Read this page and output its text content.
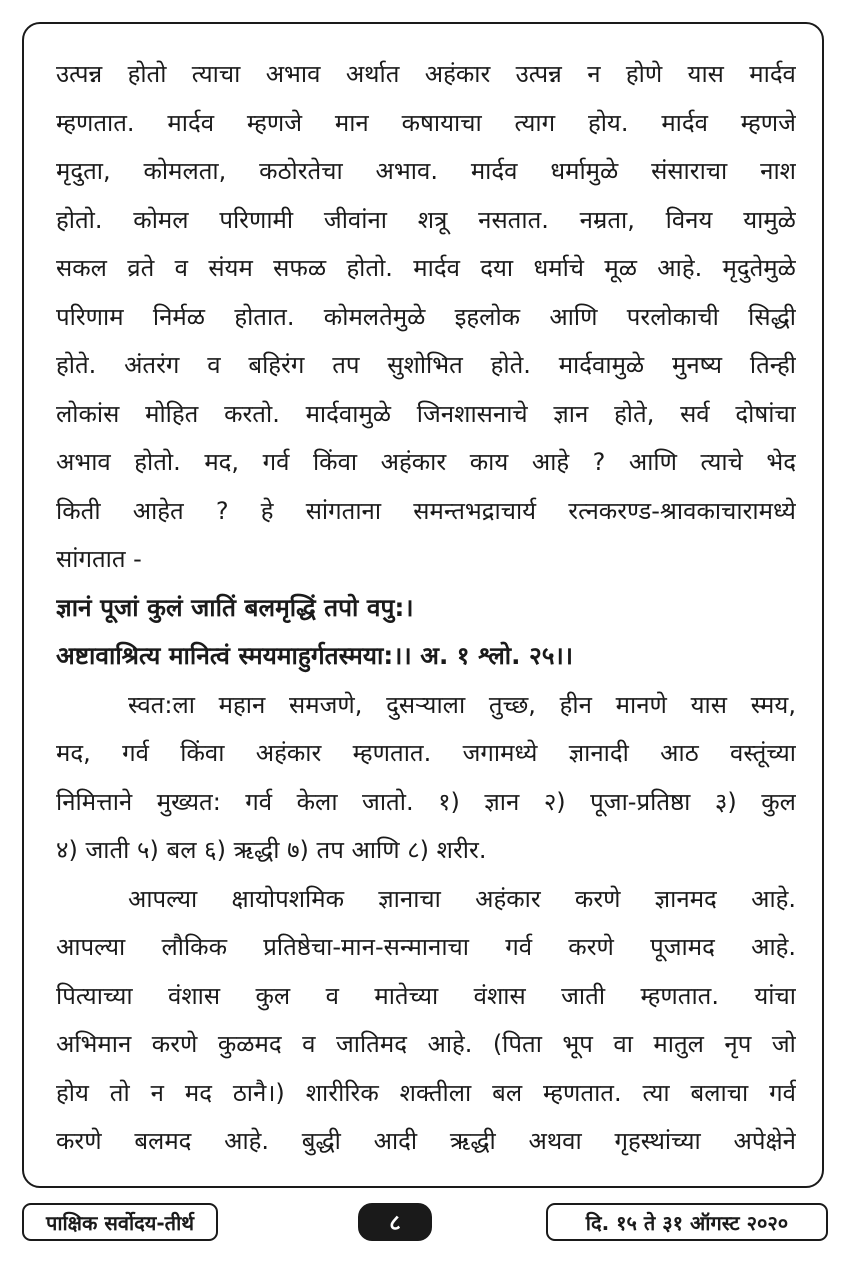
उत्पन्न होतो त्याचा अभाव अर्थात अहंकार उत्पन्न न होणे यास मार्दव
म्हणतात. मार्दव म्हणजे मान कषायाचा त्याग होय. मार्दव म्हणजे
मृदुता, कोमलता, कठोरतेचा अभाव. मार्दव धर्मामुळे संसाराचा नाश
होतो. कोमल परिणामी जीवांना शत्रू नसतात. नम्रता, विनय यामुळे
सकल व्रते व संयम सफळ होतो. मार्दव दया धर्माचे मूळ आहे. मृदुतेमुळे
परिणाम निर्मळ होतात. कोमलतेमुळे इहलोक आणि परलोकाची सिद्धी
होते. अंतरंग व बहिरंग तप सुशोभित होते. मार्दवामुळे मुनष्य तिन्ही
लोकांस मोहित करतो. मार्दवामुळे जिनशासनाचे ज्ञान होते, सर्व दोषांचा
अभाव होतो. मद, गर्व किंवा अहंकार काय आहे ? आणि त्याचे भेद
किती आहेत ? हे सांगताना समन्तभद्राचार्य रत्नकरण्ड-श्रावकाचारामध्ये
सांगतात -
ज्ञानं पूजां कुलं जातिं बलमृद्धिं तपो वपु:।
अष्टावाश्रित्य मानित्वं स्मयमाहुर्गतस्मया:।। अ. १ श्लो. २५।।
स्वत:ला महान समजणे, दुसऱ्याला तुच्छ, हीन मानणे यास स्मय,
मद, गर्व किंवा अहंकार म्हणतात. जगामध्ये ज्ञानादी आठ वस्तूंच्या
निमित्ताने मुख्यत: गर्व केला जातो. १) ज्ञान २) पूजा-प्रतिष्ठा ३) कुल
४) जाती ५) बल ६) ऋद्धी ७) तप आणि ८) शरीर.
आपल्या क्षायोपशमिक ज्ञानाचा अहंकार करणे ज्ञानमद आहे.
आपल्या लौकिक प्रतिष्ठेचा-मान-सन्मानाचा गर्व करणे पूजामद आहे.
पित्याच्या वंशास कुल व मातेच्या वंशास जाती म्हणतात. यांचा
अभिमान करणे कुळमद व जातिमद आहे. (पिता भूप वा मातुल नृप जो
होय तो न मद ठानै।) शारीरिक शक्तीला बल म्हणतात. त्या बलाचा गर्व
करणे बलमद आहे. बुद्धी आदी ऋद्धी अथवा गृहस्थांच्या अपेक्षेने
पाक्षिक सर्वोदय-तीर्थ	८	दि. १५ ते ३१ ऑगस्ट २०२०
